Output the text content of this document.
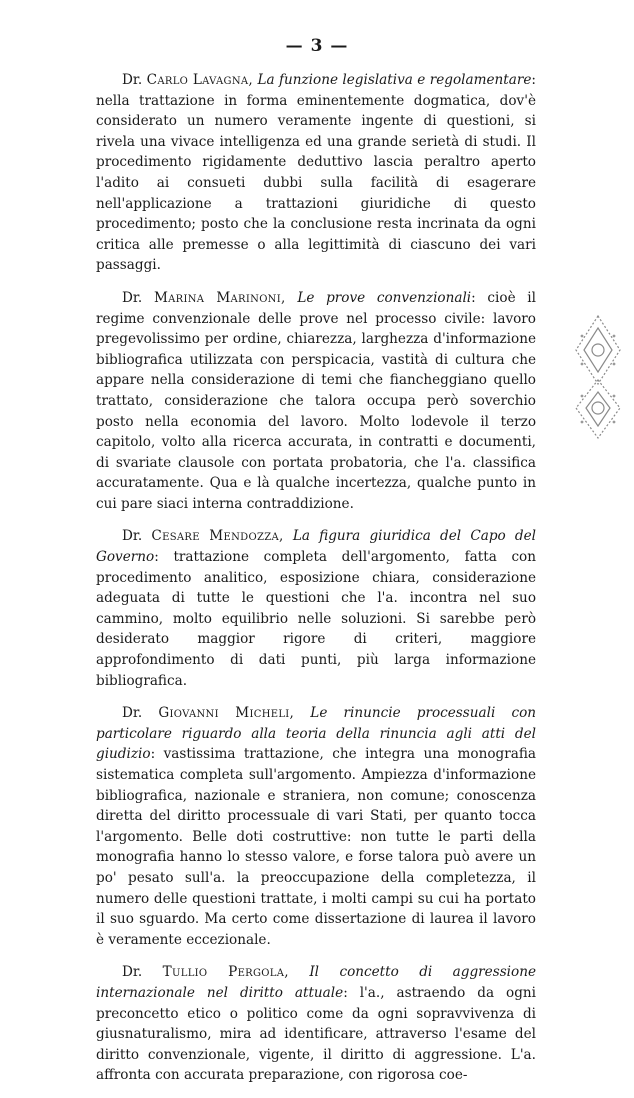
— 3 —

Dr. Carlo Lavagna, La funzione legislativa e regolamentare: nella trattazione in forma eminentemente dogmatica, dov'è considerato un numero veramente ingente di questioni, si rivela una vivace intelligenza ed una grande serietà di studi. Il procedimento rigidamente deduttivo lascia peraltro aperto l'adito ai consueti dubbi sulla facilità di esagerare nell'applicazione a trattazioni giuridiche di questo procedimento; posto che la conclusione resta incrinata da ogni critica alle premesse o alla legittimità di ciascuno dei vari passaggi.

Dr. Marina Marinoni, Le prove convenzionali: cioè il regime convenzionale delle prove nel processo civile: lavoro pregevolissimo per ordine, chiarezza, larghezza d'informazione bibliografica utilizzata con perspicacia, vastità di cultura che appare nella considerazione di temi che fiancheggiano quello trattato, considerazione che talora occupa però soverchio posto nella economia del lavoro. Molto lodevole il terzo capitolo, volto alla ricerca accurata, in contratti e documenti, di svariate clausole con portata probatoria, che l'a. classifica accuratamente. Qua e là qualche incertezza, qualche punto in cui pare siaci interna contraddizione.

Dr. Cesare Mendozza, La figura giuridica del Capo del Governo: trattazione completa dell'argomento, fatta con procedimento analitico, esposizione chiara, considerazione adeguata di tutte le questioni che l'a. incontra nel suo cammino, molto equilibrio nelle soluzioni. Si sarebbe però desiderato maggior rigore di criteri, maggiore approfondimento di dati punti, più larga informazione bibliografica.

Dr. Giovanni Micheli, Le rinuncie processuali con particolare riguardo alla teoria della rinuncia agli atti del giudizio: vastissima trattazione, che integra una monografia sistematica completa sull'argomento. Ampiezza d'informazione bibliografica, nazionale e straniera, non comune; conoscenza diretta del diritto processuale di vari Stati, per quanto tocca l'argomento. Belle doti costruttive: non tutte le parti della monografia hanno lo stesso valore, e forse talora può avere un po' pesato sull'a. la preoccupazione della completezza, il numero delle questioni trattate, i molti campi su cui ha portato il suo sguardo. Ma certo come dissertazione di laurea il lavoro è veramente eccezionale.

Dr. Tullio Pergola, Il concetto di aggressione internazionale nel diritto attuale: l'a., astraendo da ogni preconcetto etico o politico come da ogni sopravvivenza di giusnaturalismo, mira ad identificare, attraverso l'esame del diritto convenzionale, vigente, il diritto di aggressione. L'a. affronta con accurata preparazione, con rigorosa coe-
